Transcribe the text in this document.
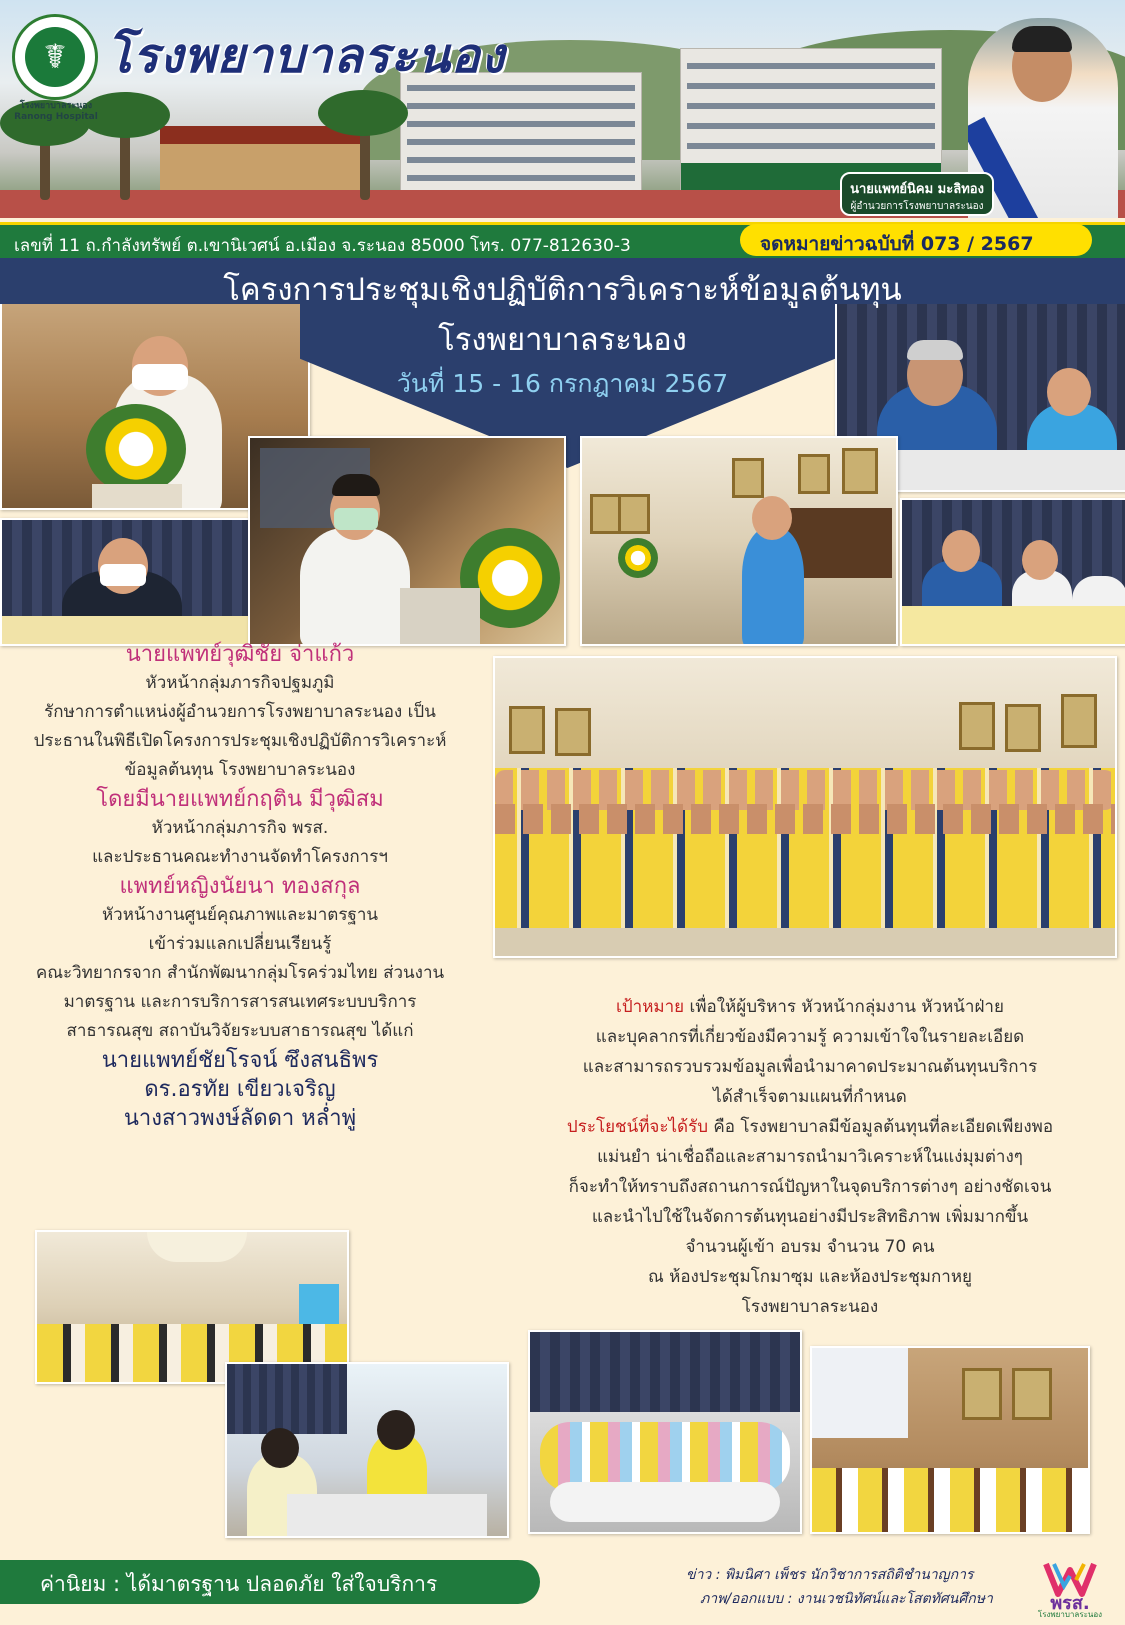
☤
โรงพยาบาลระนอง
Ranong Hospital
โรงพยาบาลระนอง
นายแพทย์นิคม มะลิทอง
ผู้อำนวยการโรงพยาบาลระนอง
เลขที่ 11 ถ.กำลังทรัพย์ ต.เขานิเวศน์ อ.เมือง จ.ระนอง 85000 โทร. 077-812630-3	จดหมายข่าวฉบับที่ 073 / 2567
โครงการประชุมเชิงปฏิบัติการวิเคราะห์ข้อมูลต้นทุน
โรงพยาบาลระนอง
วันที่ 15 - 16 กรกฎาคม 2567
นายแพทย์วุฒิชัย จ่าแก้ว
หัวหน้ากลุ่มภารกิจปฐมภูมิ
รักษาการตำแหน่งผู้อำนวยการโรงพยาบาลระนอง เป็น
ประธานในพิธีเปิดโครงการประชุมเชิงปฏิบัติการวิเคราะห์
ข้อมูลต้นทุน โรงพยาบาลระนอง
โดยมีนายแพทย์กฤติน มีวุฒิสม
หัวหน้ากลุ่มภารกิจ พรส.
และประธานคณะทำงานจัดทำโครงการฯ
แพทย์หญิงนัยนา ทองสกุล
หัวหน้างานศูนย์คุณภาพและมาตรฐาน
เข้าร่วมแลกเปลี่ยนเรียนรู้
คณะวิทยากรจาก สำนักพัฒนากลุ่มโรคร่วมไทย ส่วนงาน
มาตรฐาน และการบริการสารสนเทศระบบบริการ
สาธารณสุข สถาบันวิจัยระบบสาธารณสุข ได้แก่
นายแพทย์ชัยโรจน์ ซึงสนธิพร
ดร.อรทัย เขียวเจริญ
นางสาวพงษ์ลัดดา หล่ำพู่
เป้าหมาย เพื่อให้ผู้บริหาร หัวหน้ากลุ่มงาน หัวหน้าฝ่าย
และบุคลากรที่เกี่ยวข้องมีความรู้ ความเข้าใจในรายละเอียด
และสามารถรวบรวมข้อมูลเพื่อนำมาคาดประมาณต้นทุนบริการ
ได้สำเร็จตามแผนที่กำหนด
ประโยชน์ที่จะได้รับ คือ โรงพยาบาลมีข้อมูลต้นทุนที่ละเอียดเพียงพอ
แม่นยำ น่าเชื่อถือและสามารถนำมาวิเคราะห์ในแง่มุมต่างๆ
ก็จะทำให้ทราบถึงสถานการณ์ปัญหาในจุดบริการต่างๆ อย่างชัดเจน
และนำไปใช้ในจัดการต้นทุนอย่างมีประสิทธิภาพ เพิ่มมากขึ้น
จำนวนผู้เข้า อบรม จำนวน 70 คน
ณ ห้องประชุมโกมาซุม และห้องประชุมกาหยู
โรงพยาบาลระนอง
ค่านิยม : ได้มาตรฐาน ปลอดภัย ใส่ใจบริการ	ข่าว : พิมนิศา เพ็ชร นักวิชาการสถิติชำนาญการ
ภาพ/ออกแบบ : งานเวชนิทัศน์และโสตทัศนศึกษา	พรส.
โรงพยาบาลระนอง
